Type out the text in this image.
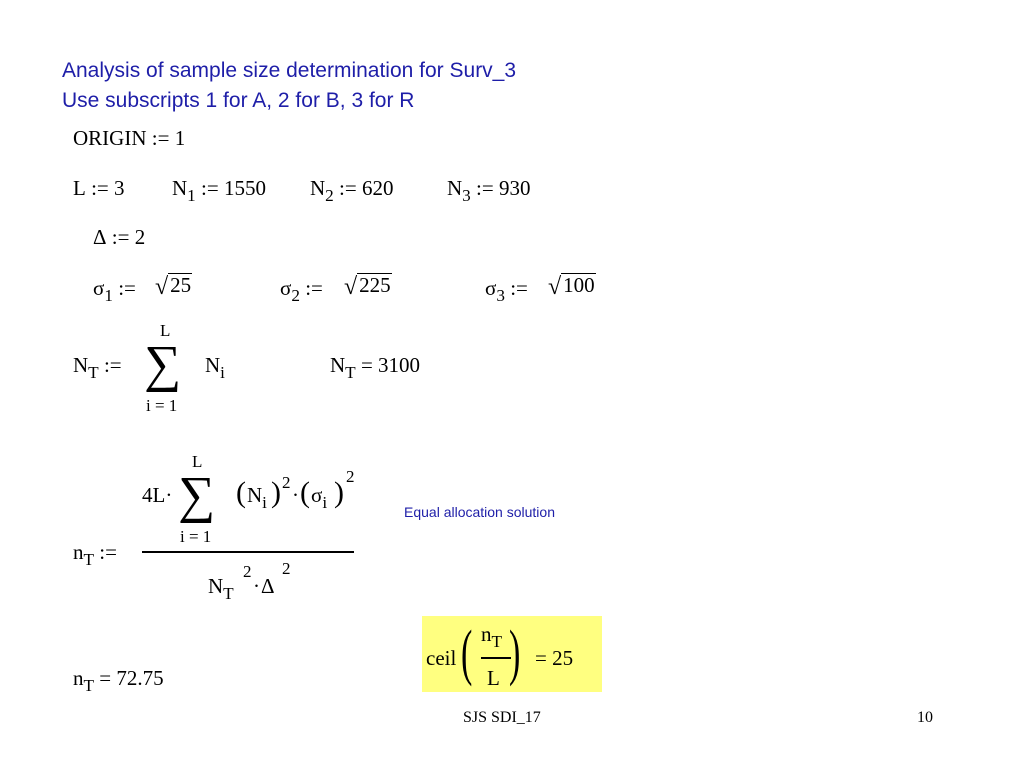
Analysis of sample size determination for Surv_3
Use subscripts 1 for A, 2 for B, 3 for R
ORIGIN := 1
L := 3 $N_1$ := 1550 $N_2$ := 620	$N_3$ := 930
Δ := 2
$\sigma_1$ := √25	$\sigma_2$ := √225	$\sigma_3$ := √100
$N_T$ :=
L
∑
i = 1
$N_i$	$N_T = 3100$
$n_T$ :=
4L·
L
∑
i = 1
( $N_i$ ) 2
· ( $\sigma_i$ ) 2
$N_T$
2
· Δ
2
Equal allocation solution
$n_T = 72.75$
ceil ( $n_T$
L ) = 25
SJS SDI_17	10
